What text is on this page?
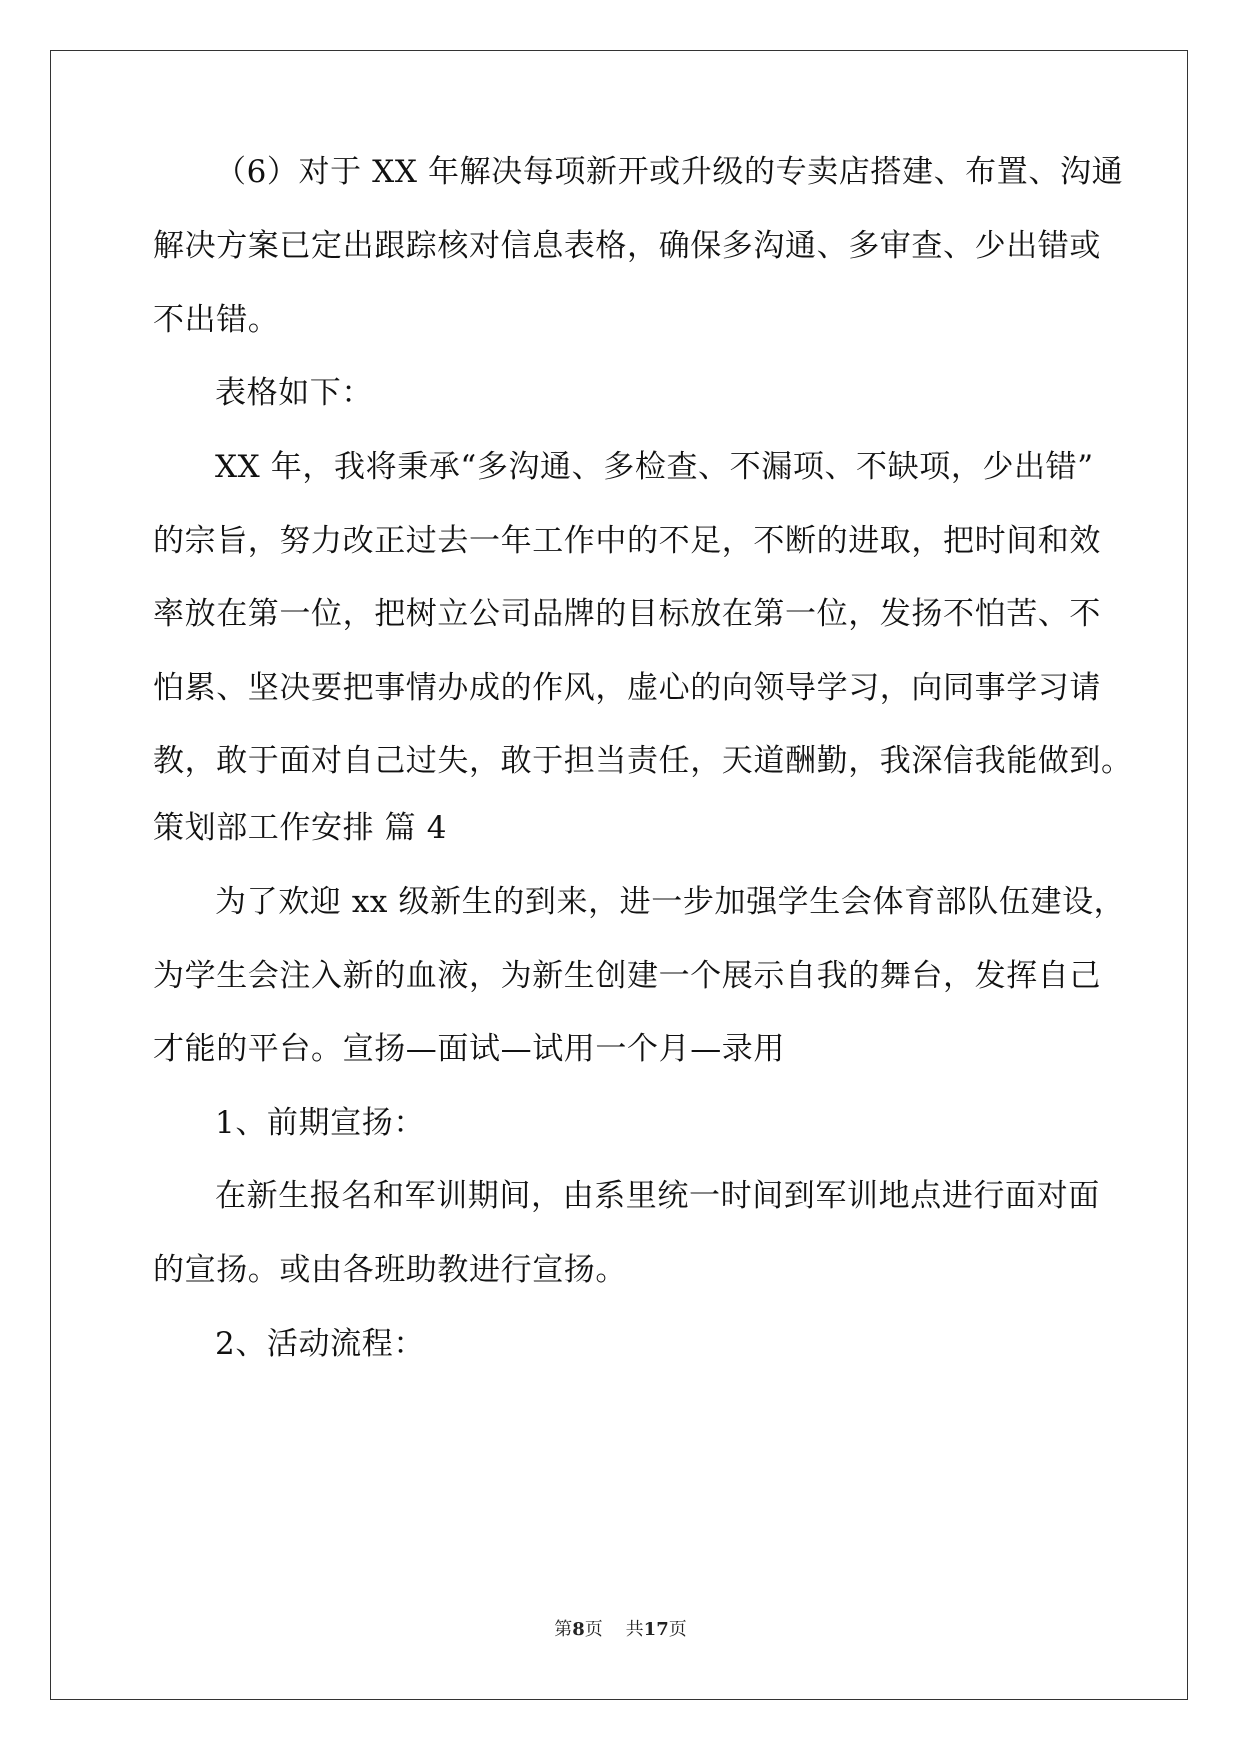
（6）对于 XX 年解决每项新开或升级的专卖店搭建、布置、沟通
解决方案已定出跟踪核对信息表格，确保多沟通、多审查、少出错或
不出错。
表格如下：
XX 年，我将秉承“多沟通、多检查、不漏项、不缺项，少出错”
的宗旨，努力改正过去一年工作中的不足，不断的进取，把时间和效
率放在第一位，把树立公司品牌的目标放在第一位，发扬不怕苦、不
怕累、坚决要把事情办成的作风，虚心的向领导学习，向同事学习请
教，敢于面对自己过失，敢于担当责任，天道酬勤，我深信我能做到。
策划部工作安排 篇 4
为了欢迎 xx 级新生的到来，进一步加强学生会体育部队伍建设，
为学生会注入新的血液，为新生创建一个展示自我的舞台，发挥自己
才能的平台。宣扬—面试—试用一个月—录用
1、前期宣扬：
在新生报名和军训期间，由系里统一时间到军训地点进行面对面
的宣扬。或由各班助教进行宣扬。
2、活动流程：
第8页 共17页
